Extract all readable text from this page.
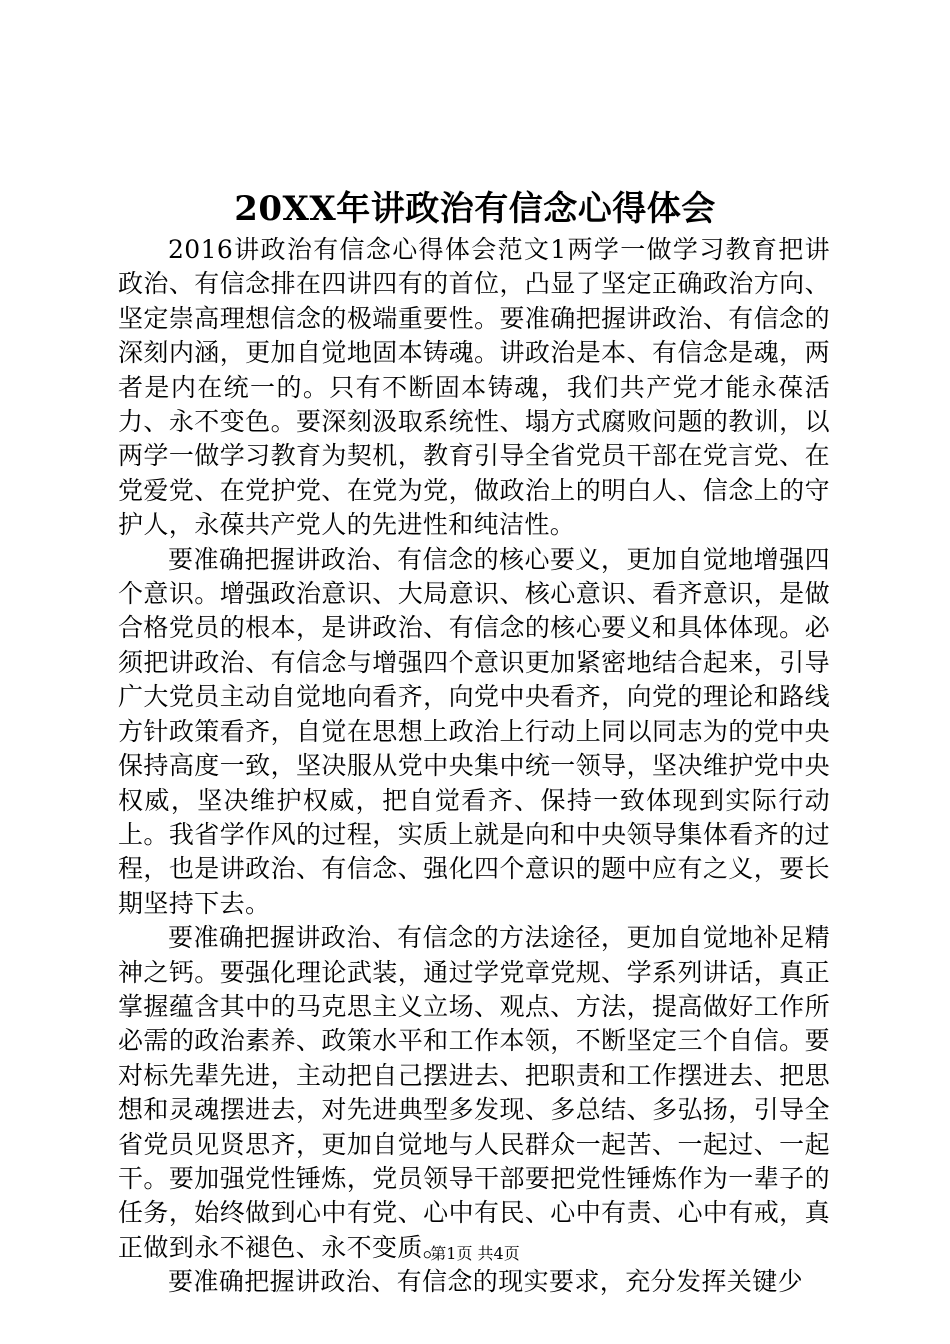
20XX年讲政治有信念心得体会

2016讲政治有信念心得体会范文1两学一做学习教育把讲政治、有信念排在四讲四有的首位，凸显了坚定正确政治方向、坚定崇高理想信念的极端重要性。要准确把握讲政治、有信念的深刻内涵，更加自觉地固本铸魂。讲政治是本、有信念是魂，两者是内在统一的。只有不断固本铸魂，我们共产党才能永葆活力、永不变色。要深刻汲取系统性、塌方式腐败问题的教训，以两学一做学习教育为契机，教育引导全省党员干部在党言党、在党爱党、在党护党、在党为党，做政治上的明白人、信念上的守护人，永葆共产党人的先进性和纯洁性。

要准确把握讲政治、有信念的核心要义，更加自觉地增强四个意识。增强政治意识、大局意识、核心意识、看齐意识，是做合格党员的根本，是讲政治、有信念的核心要义和具体体现。必须把讲政治、有信念与增强四个意识更加紧密地结合起来，引导广大党员主动自觉地向看齐，向党中央看齐，向党的理论和路线方针政策看齐，自觉在思想上政治上行动上同以同志为的党中央保持高度一致，坚决服从党中央集中统一领导，坚决维护党中央权威，坚决维护权威，把自觉看齐、保持一致体现到实际行动上。我省学作风的过程，实质上就是向和中央领导集体看齐的过程，也是讲政治、有信念、强化四个意识的题中应有之义，要长期坚持下去。

要准确把握讲政治、有信念的方法途径，更加自觉地补足精神之钙。要强化理论武装，通过学党章党规、学系列讲话，真正掌握蕴含其中的马克思主义立场、观点、方法，提高做好工作所必需的政治素养、政策水平和工作本领，不断坚定三个自信。要对标先辈先进，主动把自己摆进去、把职责和工作摆进去、把思想和灵魂摆进去，对先进典型多发现、多总结、多弘扬，引导全省党员见贤思齐，更加自觉地与人民群众一起苦、一起过、一起干。要加强党性锤炼，党员领导干部要把党性锤炼作为一辈子的任务，始终做到心中有党、心中有民、心中有责、心中有戒，真正做到永不褪色、永不变质。

要准确把握讲政治、有信念的现实要求，充分发挥关键少

第1页 共4页
